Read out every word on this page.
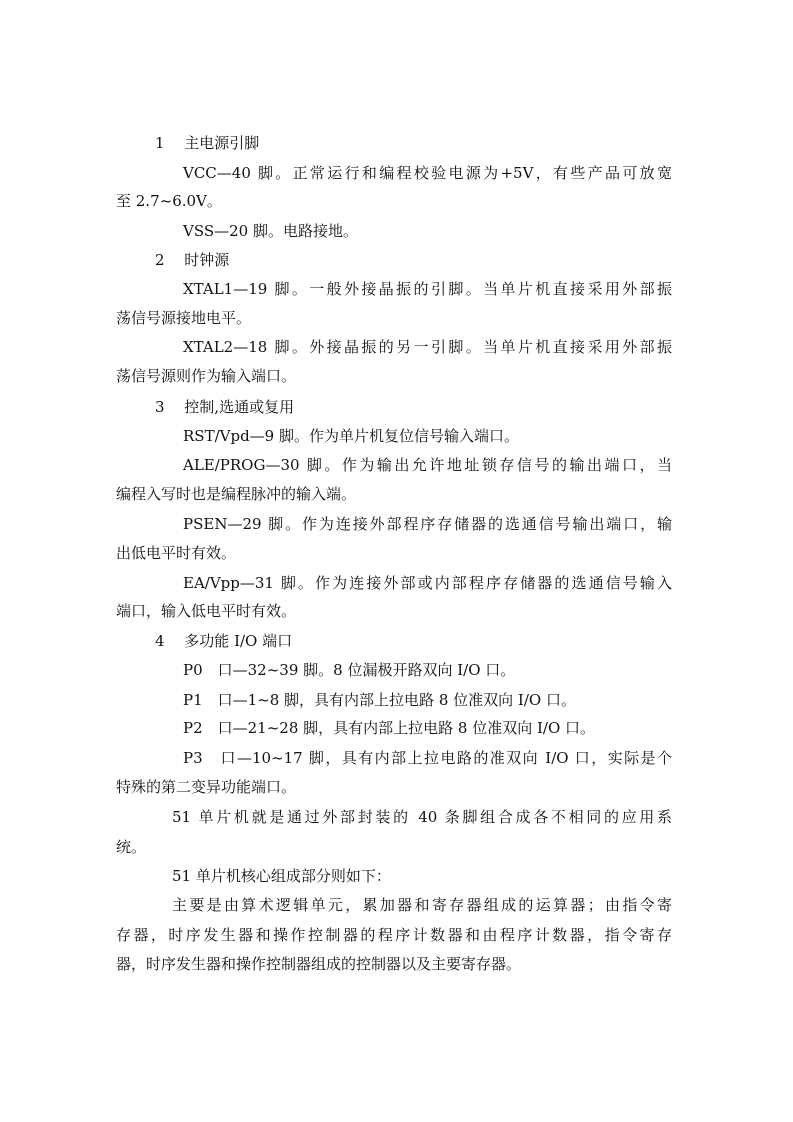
1　 主电源引脚
VCC—40 脚。正常运行和编程校验电源为+5V，有些产品可放宽
至 2.7~6.0V。
VSS—20 脚。电路接地。
2　 时钟源
XTAL1—19 脚。一般外接晶振的引脚。当单片机直接采用外部振
荡信号源接地电平。
XTAL2—18 脚。外接晶振的另一引脚。当单片机直接采用外部振
荡信号源则作为输入端口。
3　 控制,选通或复用
RST/Vpd—9 脚。作为单片机复位信号输入端口。
ALE/PROG—30 脚。作为输出允许地址锁存信号的输出端口，当
编程入写时也是编程脉冲的输入端。
PSEN—29 脚。作为连接外部程序存储器的选通信号输出端口，输
出低电平时有效。
EA/Vpp—31 脚。作为连接外部或内部程序存储器的选通信号输入
端口，输入低电平时有效。
4　 多功能 I/O 端口
P0　口—32~39 脚。8 位漏极开路双向 I/O 口。
P1　口—1~8 脚，具有内部上拉电路 8 位准双向 I/O 口。
P2　口—21~28 脚，具有内部上拉电路 8 位准双向 I/O 口。
P3　口—10~17 脚，具有内部上拉电路的准双向 I/O 口，实际是个
特殊的第二变异功能端口。
51 单片机就是通过外部封装的 40 条脚组合成各不相同的应用系
统。
51 单片机核心组成部分则如下：
主要是由算术逻辑单元，累加器和寄存器组成的运算器；由指令寄
存器，时序发生器和操作控制器的程序计数器和由程序计数器，指令寄存
器，时序发生器和操作控制器组成的控制器以及主要寄存器。
